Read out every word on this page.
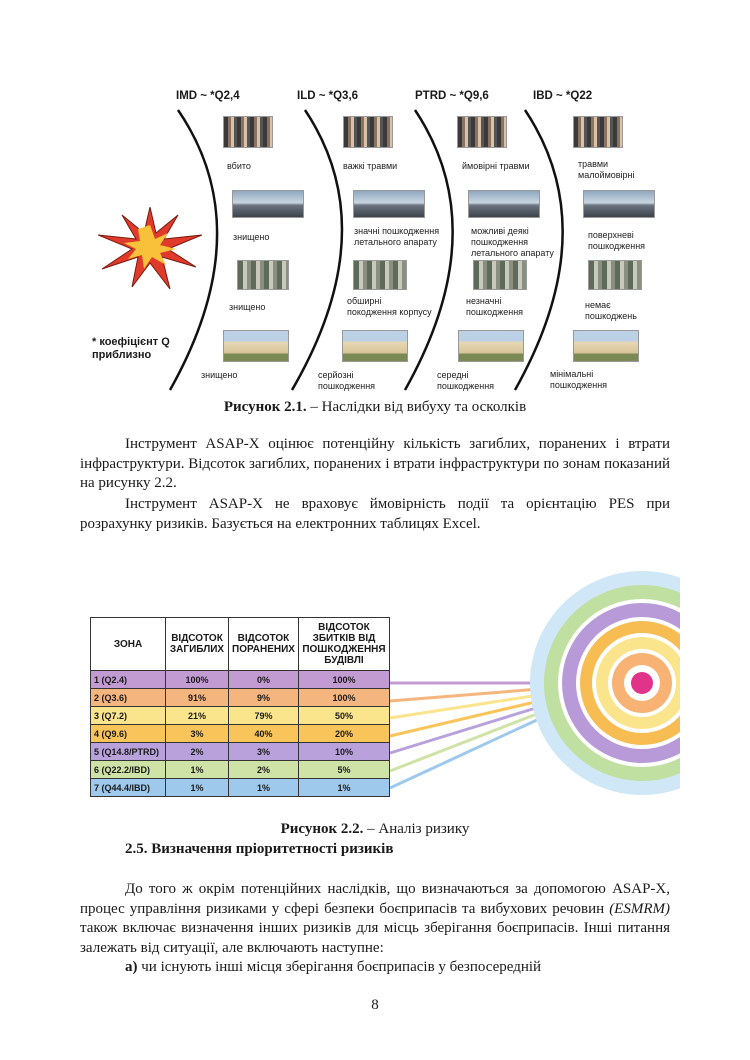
IMD ~ *Q2,4	ILD ~ *Q3,6	PTRD ~ *Q9,6	IBD ~ *Q22
вбито
знищено
знищено
знищено
важкі травми
значні пошкодження
летального апарату
обширні
покодження корпусу
серйозні
пошкодження
ймовірні травми
можливі деякі
пошкодження
летального апарату
незначні
пошкодження
середні
пошкодження
травми
малоймовірні
поверхневі
пошкодження
немає
пошкоджень
мінімальні
пошкодження
* коефіцієнт Q
приблизно
Рисунок 2.1. – Наслідки від вибуху та осколків

Інструмент ASAP-X оцінює потенційну кількість загиблих, поранених і втрати інфраструктури. Відсоток загиблих, поранених і втрати інфраструктури по зонам показаний на рисунку 2.2.

Інструмент ASAP-X не враховує ймовірність події та орієнтацію PES при розрахунку ризиків. Базується на електронних таблицях Excel.

ЗОНА	ВІДСОТОК ЗАГИБЛИХ	ВІДСОТОК ПОРАНЕНИХ	ВІДСОТОК ЗБИТКІВ ВІД ПОШКОДЖЕННЯ БУДІВЛІ
1 (Q2.4)	100%	0%	100%
2 (Q3.6)	91%	9%	100%
3 (Q7.2)	21%	79%	50%
4 (Q9.6)	3%	40%	20%
5 (Q14.8/PTRD)	2%	3%	10%
6 (Q22.2/IBD)	1%	2%	5%
7 (Q44.4/IBD)	1%	1%	1%
Рисунок 2.2. – Аналіз ризику
2.5. Визначення пріоритетності ризиків

До того ж окрім потенційних наслідків, що визначаються за допомогою ASAP-X, процес управління ризиками у сфері безпеки боєприпасів та вибухових речовин (ESMRM) також включає визначення інших ризиків для місць зберігання боєприпасів. Інші питання залежать від ситуації, але включають наступне:

а) чи існують інші місця зберігання боєприпасів у безпосередній

8
